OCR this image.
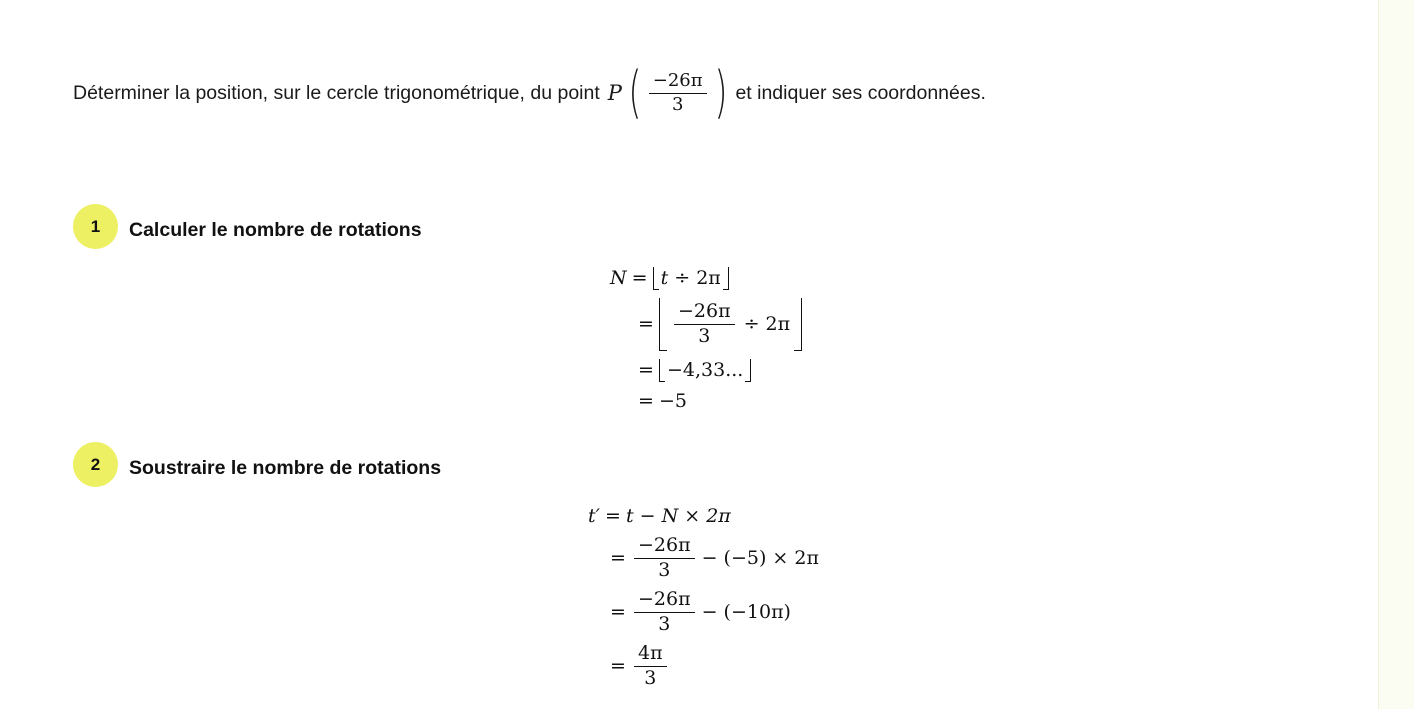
Déterminer la position, sur le cercle trigonométrique, du point P ( $\frac{-26\pi}{3}$ ) et indiquer ses coordonnées.
1	Calculer le nombre de rotations
N = t ÷ 2π
= $\frac{-26\pi}{3} \div 2\pi$
= −4,33...
= −5
2	Soustraire le nombre de rotations
t′ = t − N × 2π
= $\frac{-26\pi}{3} - (-5) \times 2\pi$
= $\frac{-26\pi}{3} - (-10\pi)$
= $\frac{4\pi}{3}$
